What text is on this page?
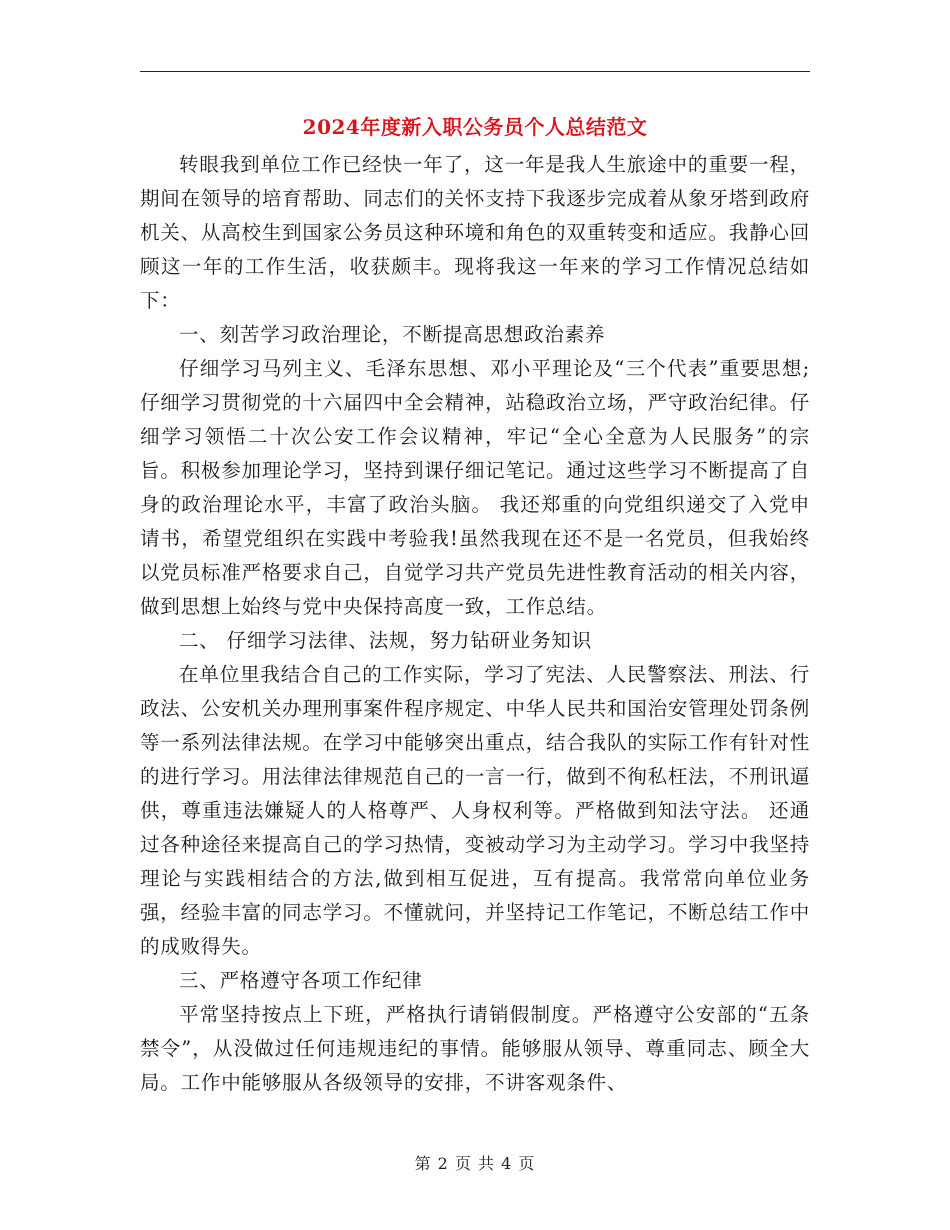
2024年度新入职公务员个人总结范文

转眼我到单位工作已经快一年了，这一年是我人生旅途中的重要一程，期间在领导的培育帮助、同志们的关怀支持下我逐步完成着从象牙塔到政府机关、从高校生到国家公务员这种环境和角色的双重转变和适应。我静心回顾这一年的工作生活，收获颇丰。现将我这一年来的学习工作情况总结如下：

一、刻苦学习政治理论，不断提高思想政治素养

仔细学习马列主义、毛泽东思想、邓小平理论及“三个代表”重要思想;仔细学习贯彻党的十六届四中全会精神，站稳政治立场，严守政治纪律。仔细学习领悟二十次公安工作会议精神，牢记“全心全意为人民服务”的宗旨。积极参加理论学习，坚持到课仔细记笔记。通过这些学习不断提高了自身的政治理论水平，丰富了政治头脑。 我还郑重的向党组织递交了入党申请书，希望党组织在实践中考验我!虽然我现在还不是一名党员，但我始终以党员标准严格要求自己，自觉学习共产党员先进性教育活动的相关内容，做到思想上始终与党中央保持高度一致，工作总结。

二、 仔细学习法律、法规，努力钻研业务知识

在单位里我结合自己的工作实际，学习了宪法、人民警察法、刑法、行政法、公安机关办理刑事案件程序规定、中华人民共和国治安管理处罚条例等一系列法律法规。在学习中能够突出重点，结合我队的实际工作有针对性的进行学习。用法律法律规范自己的一言一行，做到不徇私枉法，不刑讯逼供，尊重违法嫌疑人的人格尊严、人身权利等。严格做到知法守法。 还通过各种途径来提高自己的学习热情，变被动学习为主动学习。学习中我坚持理论与实践相结合的方法,做到相互促进，互有提高。我常常向单位业务强，经验丰富的同志学习。不懂就问，并坚持记工作笔记，不断总结工作中的成败得失。

三、严格遵守各项工作纪律

平常坚持按点上下班，严格执行请销假制度。严格遵守公安部的“五条禁令”，从没做过任何违规违纪的事情。能够服从领导、尊重同志、顾全大局。工作中能够服从各级领导的安排，不讲客观条件、

第 2 页 共 4 页
